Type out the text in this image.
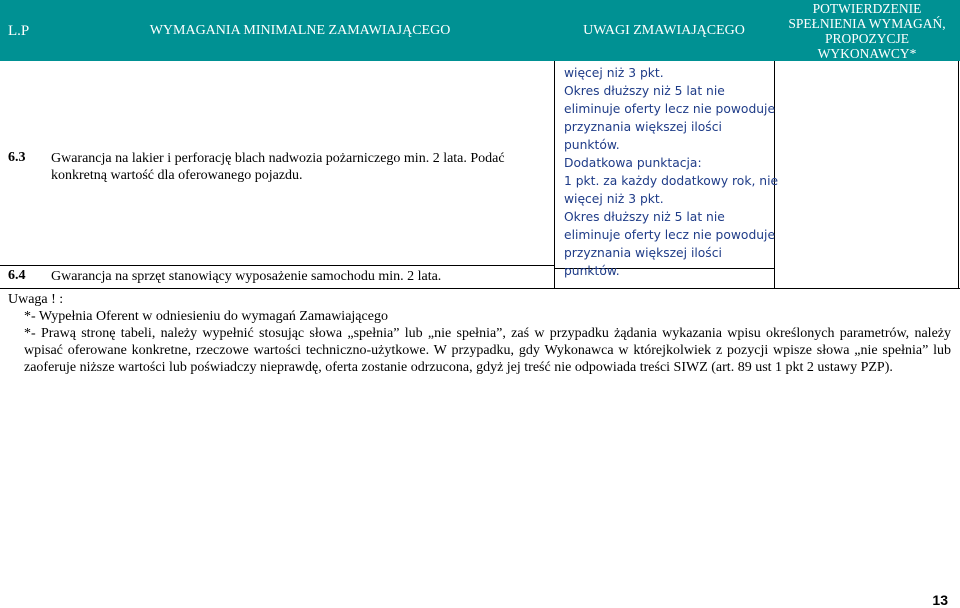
L.P	WYMAGANIA MINIMALNE ZAMAWIAJĄCEGO	UWAGI ZMAWIAJĄCEGO
POTWIERDZENIE
SPEŁNIENIA WYMAGAŃ,
PROPOZYCJE
WYKONAWCY*
6.3 Gwarancja na lakier i perforację blach nadwozia pożarniczego min. 2 lata. Podać konkretną wartość dla oferowanego pojazdu.
6.4 Gwarancja na sprzęt stanowiący wyposażenie samochodu min. 2 lata.
więcej niż 3 pkt.
Okres dłuższy niż 5 lat nie
eliminuje oferty lecz nie powoduje
przyznania większej ilości
punktów.
Dodatkowa punktacja:
1 pkt. za każdy dodatkowy rok, nie
więcej niż 3 pkt.
Okres dłuższy niż 5 lat nie
eliminuje oferty lecz nie powoduje
przyznania większej ilości
punktów.
Uwaga ! :
*- Wypełnia Oferent w odniesieniu do wymagań Zamawiającego
*- Prawą stronę tabeli, należy wypełnić stosując słowa „spełnia” lub „nie spełnia”, zaś w przypadku żądania wykazania wpisu określonych parametrów, należy wpisać oferowane konkretne, rzeczowe wartości techniczno-użytkowe. W przypadku, gdy Wykonawca w którejkolwiek z pozycji wpisze słowa „nie spełnia” lub zaoferuje niższe wartości lub poświadczy nieprawdę, oferta zostanie odrzucona, gdyż jej treść nie odpowiada treści SIWZ (art. 89 ust 1 pkt 2 ustawy PZP).
13
